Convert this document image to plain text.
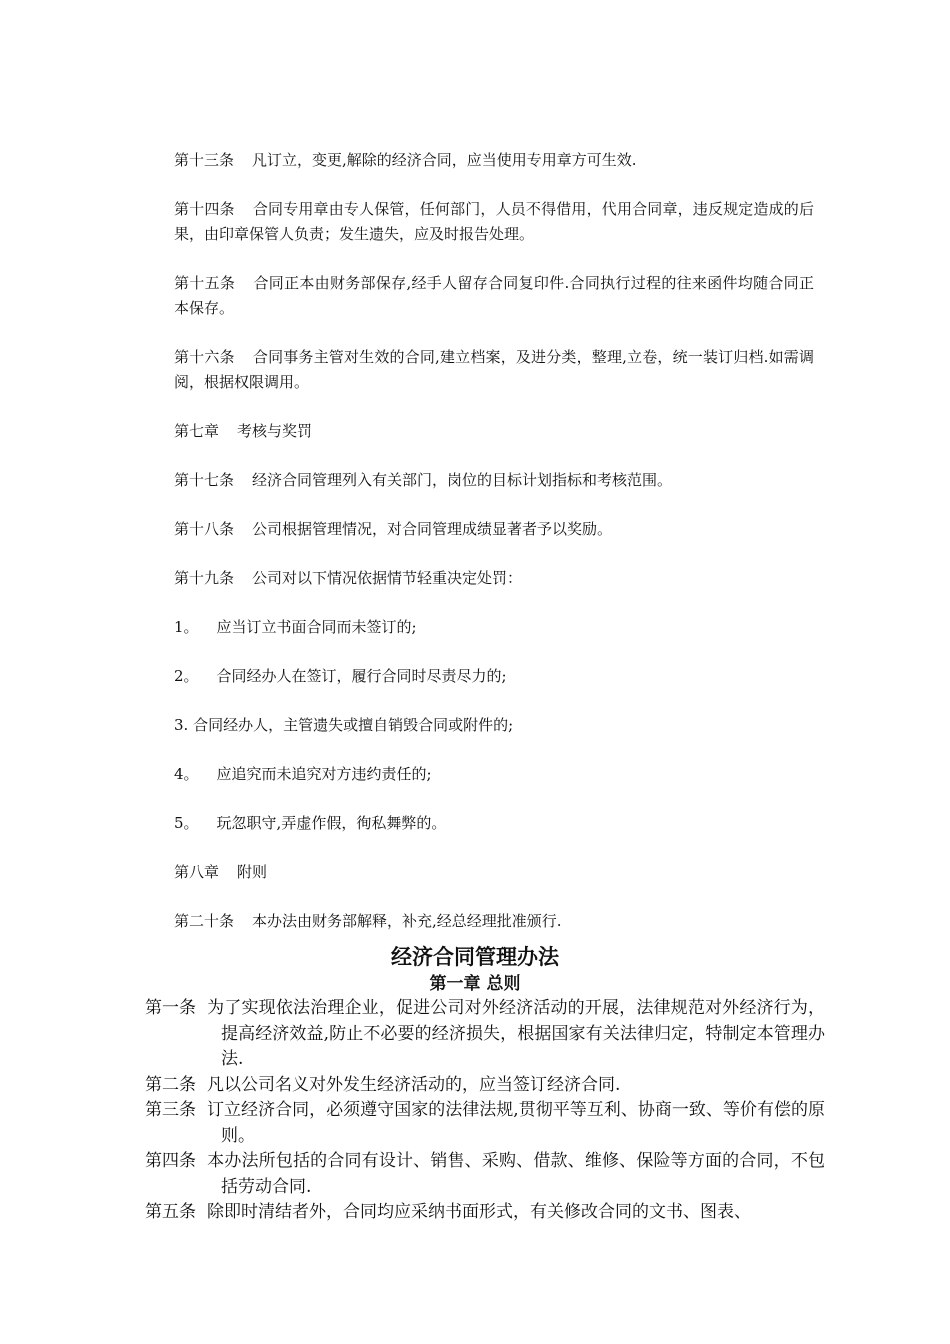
第十三条 凡订立，变更,解除的经济合同，应当使用专用章方可生效.

第十四条 合同专用章由专人保管，任何部门，人员不得借用，代用合同章，违反规定造成的后果，由印章保管人负责；发生遗失，应及时报告处理。

第十五条 合同正本由财务部保存,经手人留存合同复印件.合同执行过程的往来函件均随合同正本保存。

第十六条 合同事务主管对生效的合同,建立档案，及进分类，整理,立卷，统一装订归档.如需调阅，根据权限调用。

第七章 考核与奖罚

第十七条 经济合同管理列入有关部门，岗位的目标计划指标和考核范围。

第十八条 公司根据管理情况，对合同管理成绩显著者予以奖励。

第十九条 公司对以下情况依据情节轻重决定处罚：

1。 应当订立书面合同而未签订的;

2。 合同经办人在签订，履行合同时尽责尽力的;

3. 合同经办人，主管遗失或擅自销毁合同或附件的;

4。 应追究而未追究对方违约责任的;

5。 玩忽职守,弄虚作假，徇私舞弊的。

第八章 附则

第二十条 本办法由财务部解释，补充,经总经理批准颁行.

经济合同管理办法
第一章 总则

第一条 为了实现依法治理企业，促进公司对外经济活动的开展，法律规范对外经济行为，提高经济效益,防止不必要的经济损失，根据国家有关法律归定，特制定本管理办法.

第二条 凡以公司名义对外发生经济活动的，应当签订经济合同.

第三条 订立经济合同，必须遵守国家的法律法规,贯彻平等互利、协商一致、等价有偿的原则。

第四条 本办法所包括的合同有设计、销售、采购、借款、维修、保险等方面的合同，不包括劳动合同.

第五条 除即时清结者外，合同均应采纳书面形式，有关修改合同的文书、图表、
